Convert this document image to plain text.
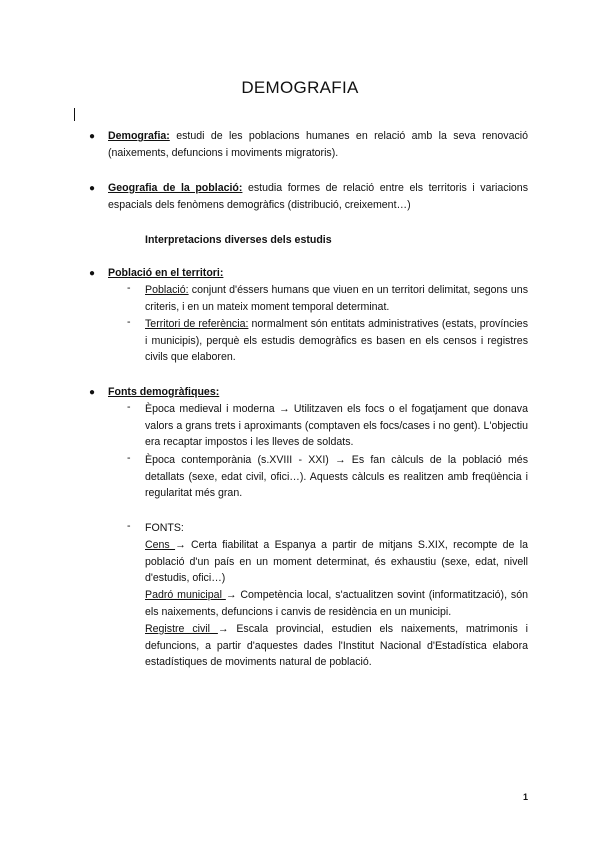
DEMOGRAFIA
● Demografia: estudi de les poblacions humanes en relació amb la seva renovació (naixements, defuncions i moviments migratoris).
● Geografia de la població: estudia formes de relació entre els territoris i variacions espacials dels fenòmens demogràfics (distribució, creixement…)
Interpretacions diverses dels estudis
● Població en el territori:
- Població: conjunt d'éssers humans que viuen en un territori delimitat, segons uns criteris, i en un mateix moment temporal determinat.
- Territori de referència: normalment són entitats administratives (estats, províncies i municipis), perquè els estudis demogràfics es basen en els censos i registres civils que elaboren.
● Fonts demogràfiques:
- Època medieval i moderna → Utilitzaven els focs o el fogatjament que donava valors a grans trets i aproximants (comptaven els focs/cases i no gent). L'objectiu era recaptar impostos i les lleves de soldats.
- Època contemporània (s.XVIII - XXI) → Es fan càlculs de la població més detallats (sexe, edat civil, ofici…). Aquests càlculs es realitzen amb freqüència i regularitat més gran.
- FONTS:
Cens → Certa fiabilitat a Espanya a partir de mitjans S.XIX, recompte de la població d'un país en un moment determinat, és exhaustiu (sexe, edat, nivell d'estudis, ofici…)
Padró municipal → Competència local, s'actualitzen sovint (informatització), són els naixements, defuncions i canvis de residència en un municipi.
Registre civil → Escala provincial, estudien els naixements, matrimonis i defuncions, a partir d'aquestes dades l'Institut Nacional d'Estadística elabora estadístiques de moviments natural de població.
1
